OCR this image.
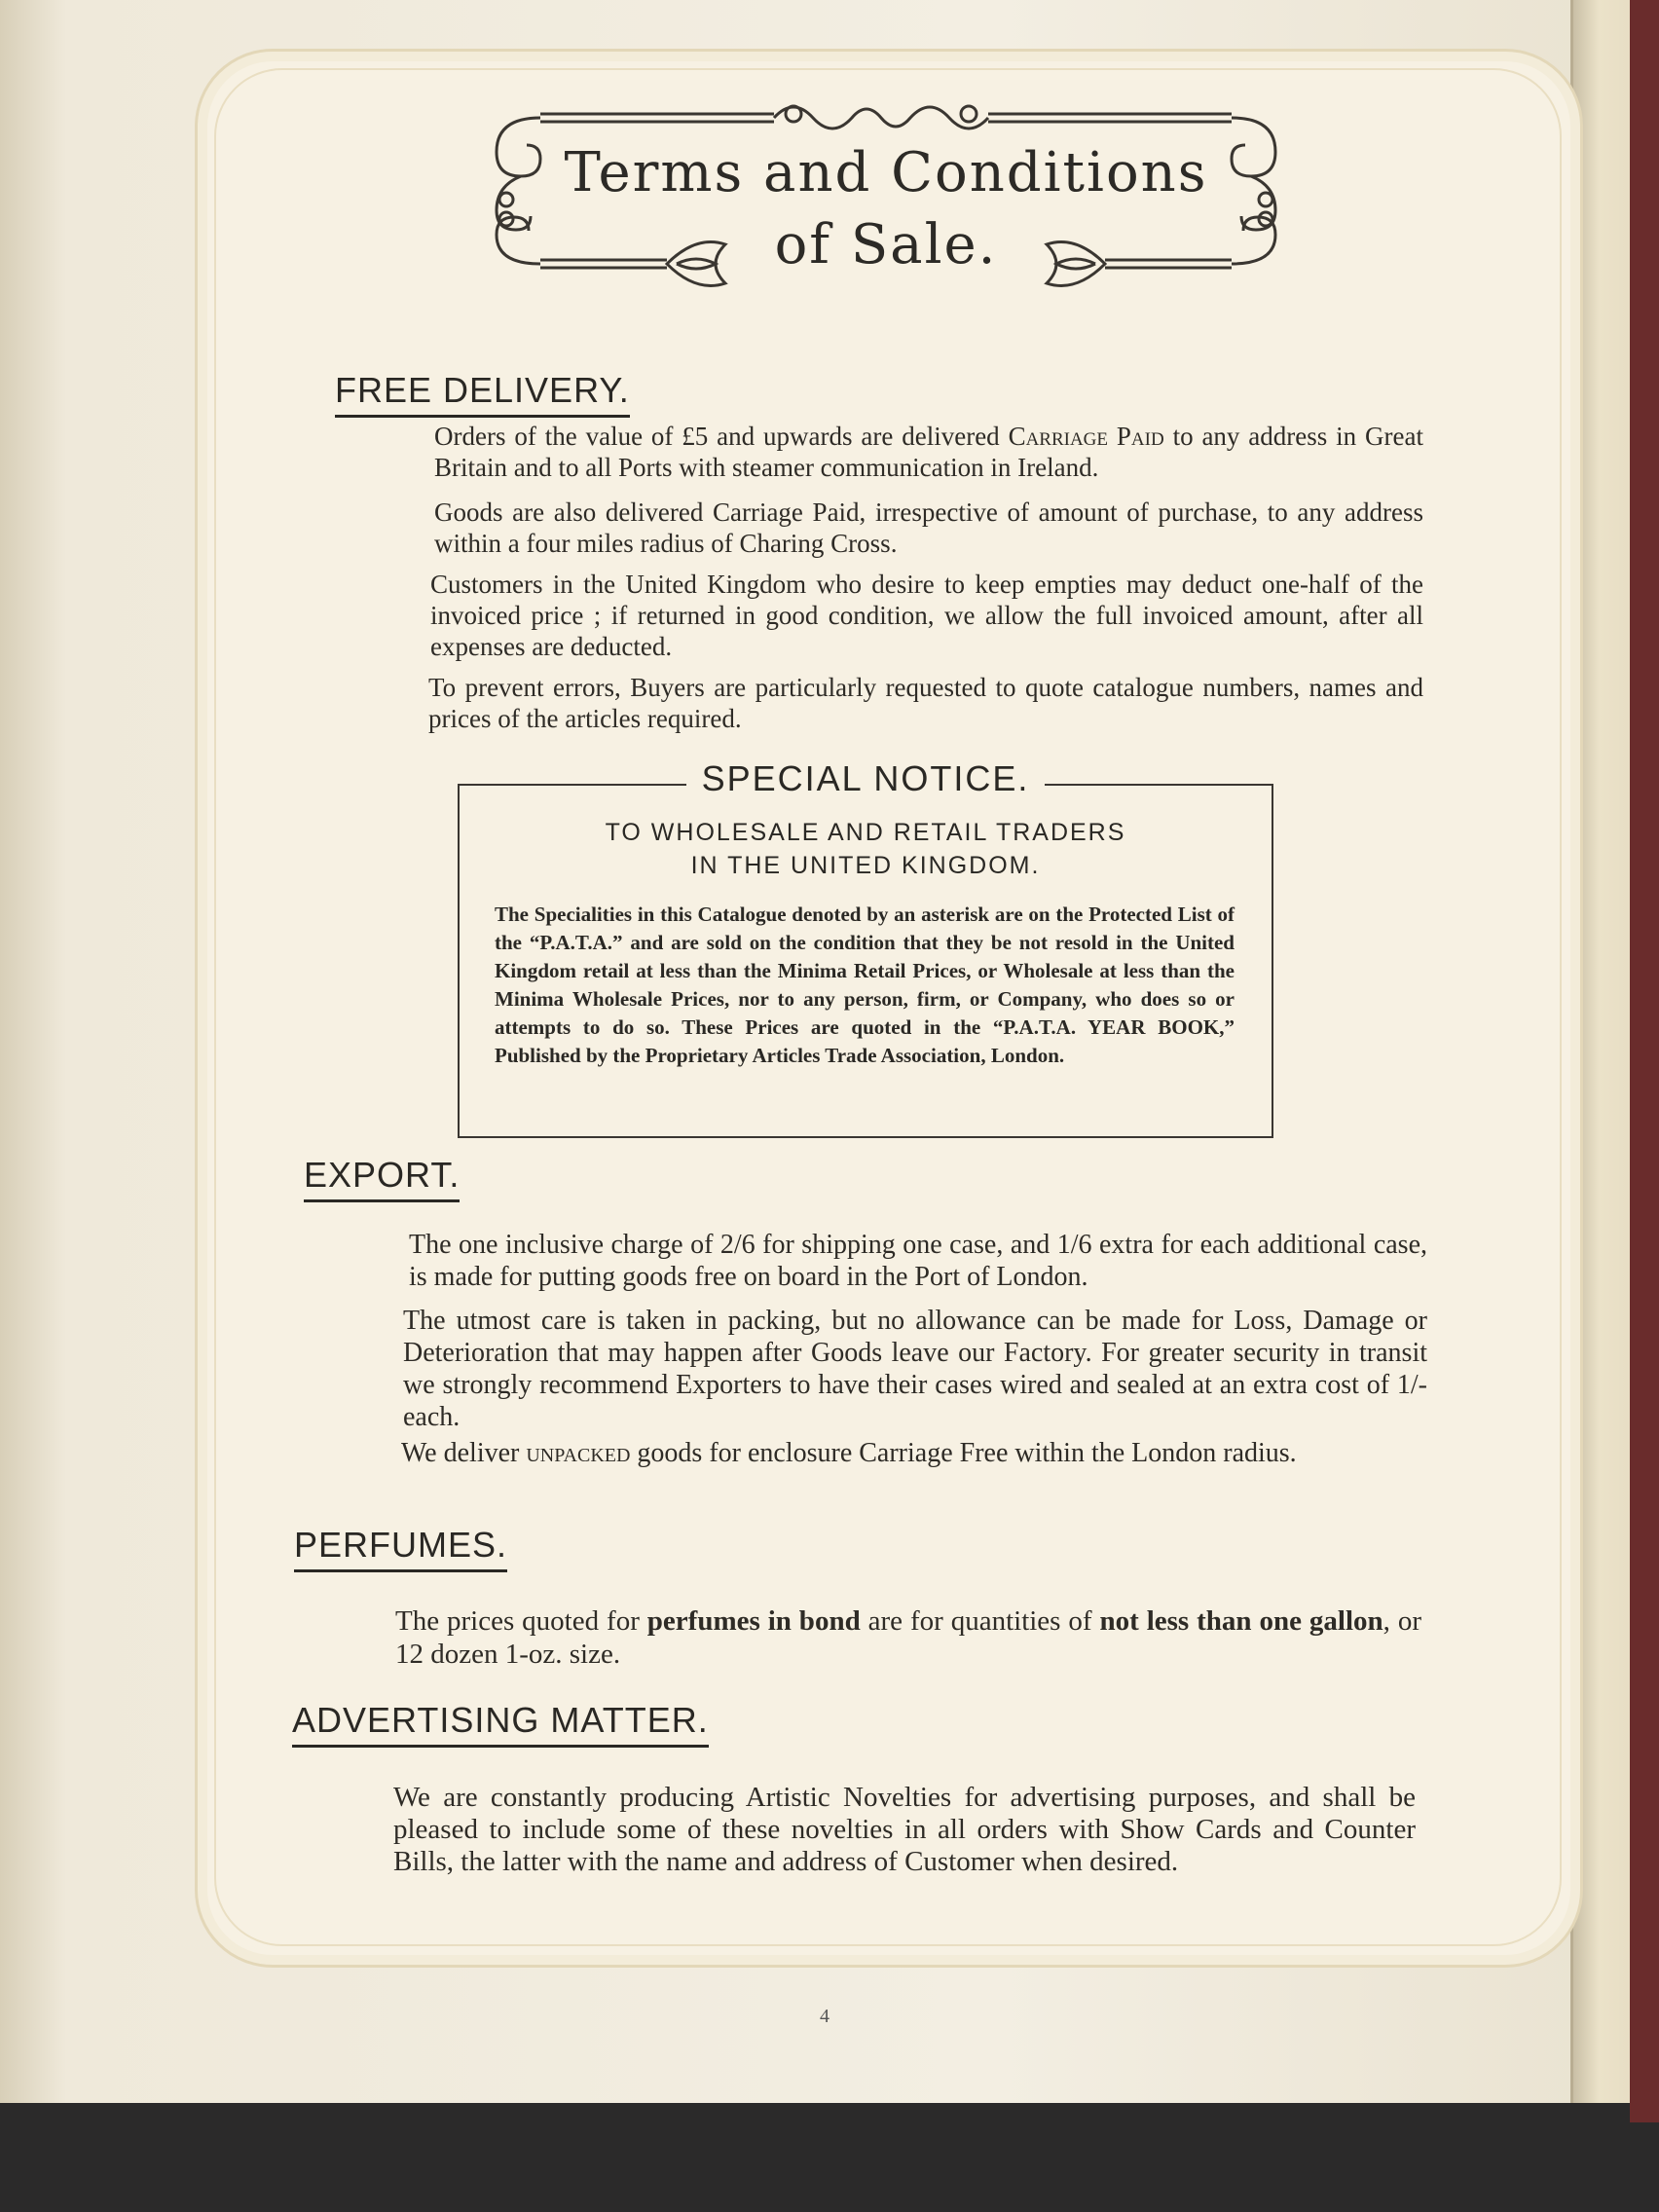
Terms and Conditions
of Sale.
FREE DELIVERY.
Orders of the value of £5 and upwards are delivered Carriage Paid to any address in Great Britain and to all Ports with steamer communication in Ireland.
Goods are also delivered Carriage Paid, irrespective of amount of purchase, to any address within a four miles radius of Charing Cross.
Customers in the United Kingdom who desire to keep empties may deduct one-half of the invoiced price ; if returned in good condition, we allow the full invoiced amount, after all expenses are deducted.
To prevent errors, Buyers are particularly requested to quote catalogue numbers, names and prices of the articles required.
SPECIAL NOTICE.
TO WHOLESALE AND RETAIL TRADERS
IN THE UNITED KINGDOM.
The Specialities in this Catalogue denoted by an asterisk are on the Protected List of the “P.A.T.A.” and are sold on the condition that they be not resold in the United Kingdom retail at less than the Minima Retail Prices, or Wholesale at less than the Minima Wholesale Prices, nor to any person, firm, or Company, who does so or attempts to do so. These Prices are quoted in the “P.A.T.A. YEAR BOOK,” Published by the Proprietary Articles Trade Association, London.
EXPORT.
The one inclusive charge of 2/6 for shipping one case, and 1/6 extra for each additional case, is made for putting goods free on board in the Port of London.
The utmost care is taken in packing, but no allowance can be made for Loss, Damage or Deterioration that may happen after Goods leave our Factory. For greater security in transit we strongly recommend Exporters to have their cases wired and sealed at an extra cost of 1/- each.
We deliver unpacked goods for enclosure Carriage Free within the London radius.
PERFUMES.
The prices quoted for perfumes in bond are for quantities of not less than one gallon, or 12 dozen 1-oz. size.
ADVERTISING MATTER.
We are constantly producing Artistic Novelties for advertising purposes, and shall be pleased to include some of these novelties in all orders with Show Cards and Counter Bills, the latter with the name and address of Customer when desired.
4
